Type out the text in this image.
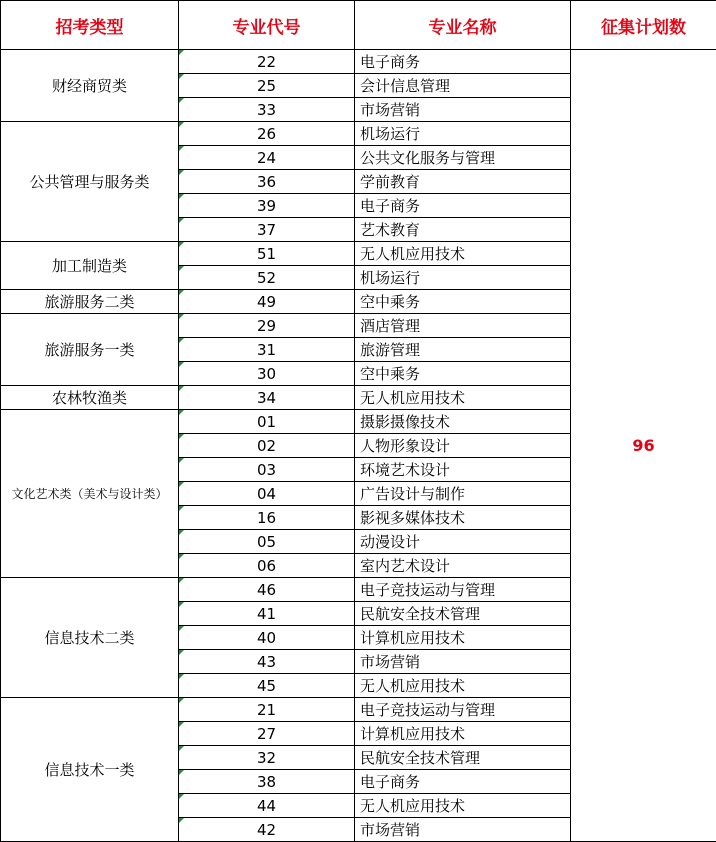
招考类型	专业代号	专业名称	征集计划数
财经商贸类	22	电子商务	96
	25	会计信息管理	
	33	市场营销	
公共管理与服务类	26	机场运行	
	24	公共文化服务与管理	
	36	学前教育	
	39	电子商务	
	37	艺术教育	
加工制造类	51	无人机应用技术	
	52	机场运行	
旅游服务二类	49	空中乘务	
旅游服务一类	29	酒店管理	
	31	旅游管理	
	30	空中乘务	
农林牧渔类	34	无人机应用技术	
文化艺术类（美术与设计类）	01	摄影摄像技术	
	02	人物形象设计	
	03	环境艺术设计	
	04	广告设计与制作	
	16	影视多媒体技术	
	05	动漫设计	
	06	室内艺术设计	
信息技术二类	46	电子竞技运动与管理	
	41	民航安全技术管理	
	40	计算机应用技术	
	43	市场营销	
	45	无人机应用技术	
信息技术一类	21	电子竞技运动与管理	
	27	计算机应用技术	
	32	民航安全技术管理	
	38	电子商务	
	44	无人机应用技术	
	42	市场营销	
